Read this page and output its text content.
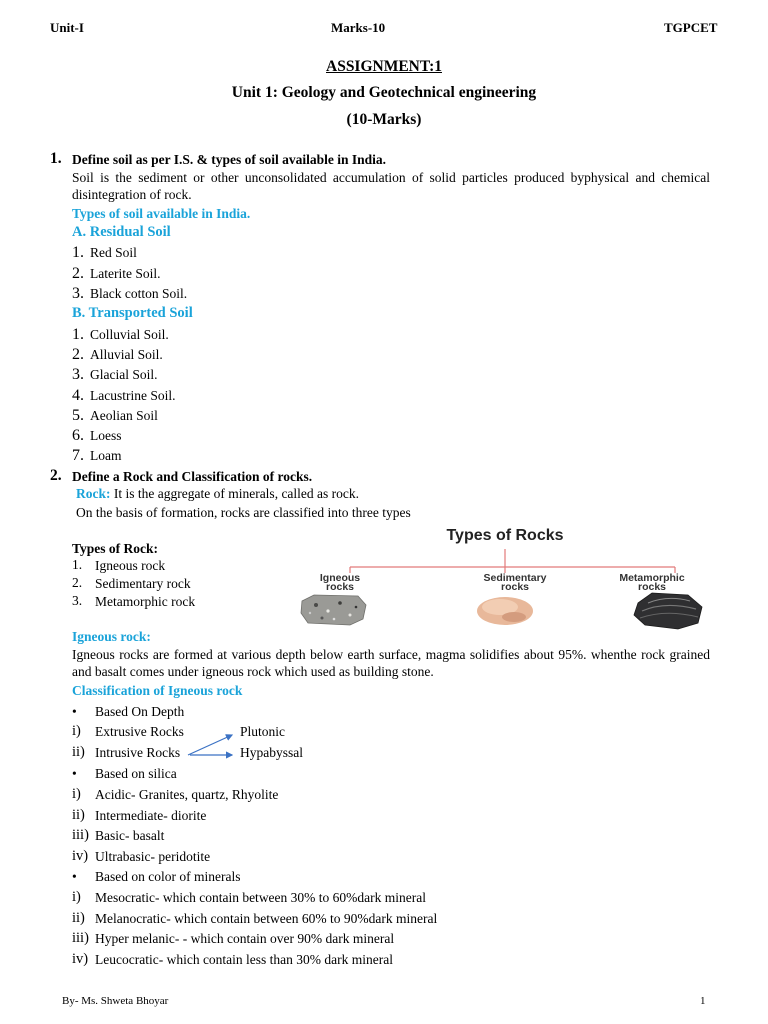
Unit-I	Marks-10	TGPCET
ASSIGNMENT:1
Unit 1: Geology and Geotechnical engineering
(10-Marks)
1. Define soil as per I.S. & types of soil available in India.
Soil is the sediment or other unconsolidated accumulation of solid particles produced byphysical and chemical disintegration of rock.
Types of soil available in India.
A. Residual Soil
1. Red Soil
2. Laterite Soil.
3. Black cotton Soil.
B. Transported Soil
1. Colluvial Soil.
2. Alluvial Soil.
3. Glacial Soil.
4. Lacustrine Soil.
5. Aeolian Soil
6. Loess
7. Loam
2. Define a Rock and Classification of rocks.
Rock: It is the aggregate of minerals, called as rock.
On the basis of formation, rocks are classified into three types
Types of Rock:
1. Igneous rock
2. Sedimentary rock
3. Metamorphic rock
Types of Rocks
Igneous
rocks
Sedimentary
rocks
Metamorphic
rocks
Igneous rock:
Igneous rocks are formed at various depth below earth surface, magma solidifies about 95%. whenthe rock grained and basalt comes under igneous rock which used as building stone.
Classification of Igneous rock
• Based On Depth
i) Extrusive Rocks	Plutonic
ii) Intrusive Rocks	Hypabyssal
• Based on silica
i) Acidic- Granites, quartz, Rhyolite
ii) Intermediate- diorite
iii) Basic- basalt
iv) Ultrabasic- peridotite
• Based on color of minerals
i) Mesocratic- which contain between 30% to 60%dark mineral
ii) Melanocratic- which contain between 60% to 90%dark mineral
iii) Hyper melanic- - which contain over 90% dark mineral
iv) Leucocratic- which contain less than 30% dark mineral
By- Ms. Shweta Bhoyar	1
